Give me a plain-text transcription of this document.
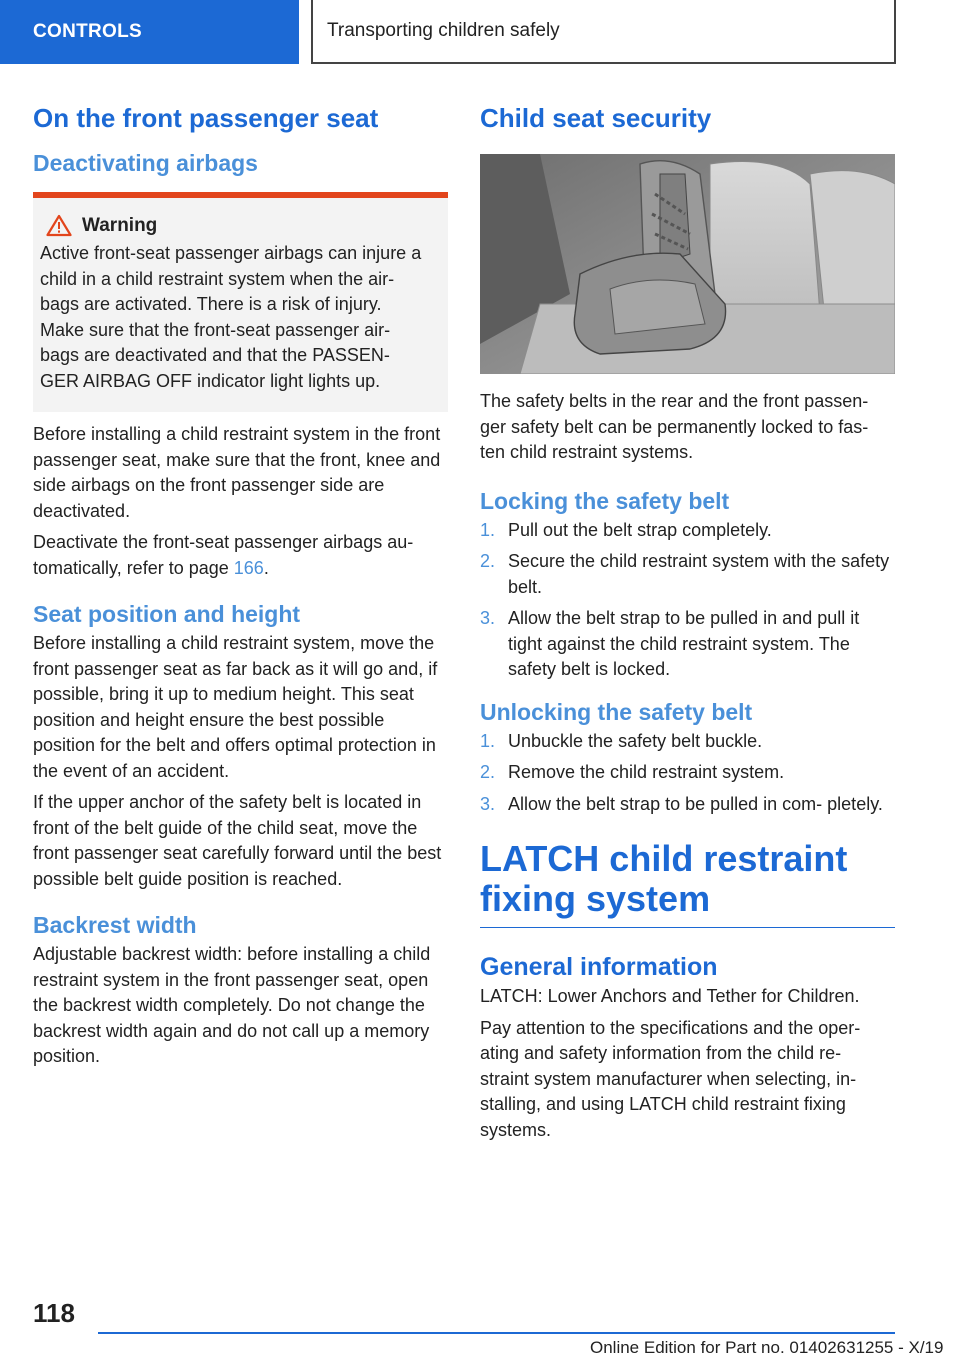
CONTROLS	Transporting children safely
On the front passenger seat
Deactivating airbags
Warning

Active front-seat passenger airbags can injure a

child in a child restraint system when the air-

bags are activated. There is a risk of injury.

Make sure that the front-seat passenger air-

bags are deactivated and that the PASSEN-

GER AIRBAG OFF indicator light lights up.

Before installing a child restraint system in the front passenger seat, make sure that the front, knee and side airbags on the front passenger side are deactivated.

Deactivate the front-seat passenger airbags au- tomatically, refer to page 166.

Seat position and height

Before installing a child restraint system, move the front passenger seat as far back as it will go and, if possible, bring it up to medium height. This seat position and height ensure the best possible position for the belt and offers optimal protection in the event of an accident.

If the upper anchor of the safety belt is located in front of the belt guide of the child seat, move the front passenger seat carefully forward until the best possible belt guide position is reached.

Backrest width

Adjustable backrest width: before installing a child restraint system in the front passenger seat, open the backrest width completely. Do not change the backrest width again and do not call up a memory position.

Child seat security

The safety belts in the rear and the front passen- ger safety belt can be permanently locked to fas- ten child restraint systems.

Locking the safety belt
1. Pull out the belt strap completely.
2. Secure the child restraint system with the safety belt.
3. Allow the belt strap to be pulled in and pull it tight against the child restraint system. The safety belt is locked.
Unlocking the safety belt
1. Unbuckle the safety belt buckle.
2. Remove the child restraint system.
3. Allow the belt strap to be pulled in com- pletely.
LATCH child restraint fixing system
General information

LATCH: Lower Anchors and Tether for Children.

Pay attention to the specifications and the oper- ating and safety information from the child re- straint system manufacturer when selecting, in- stalling, and using LATCH child restraint fixing systems.

118
Online Edition for Part no. 01402631255 - X/19
